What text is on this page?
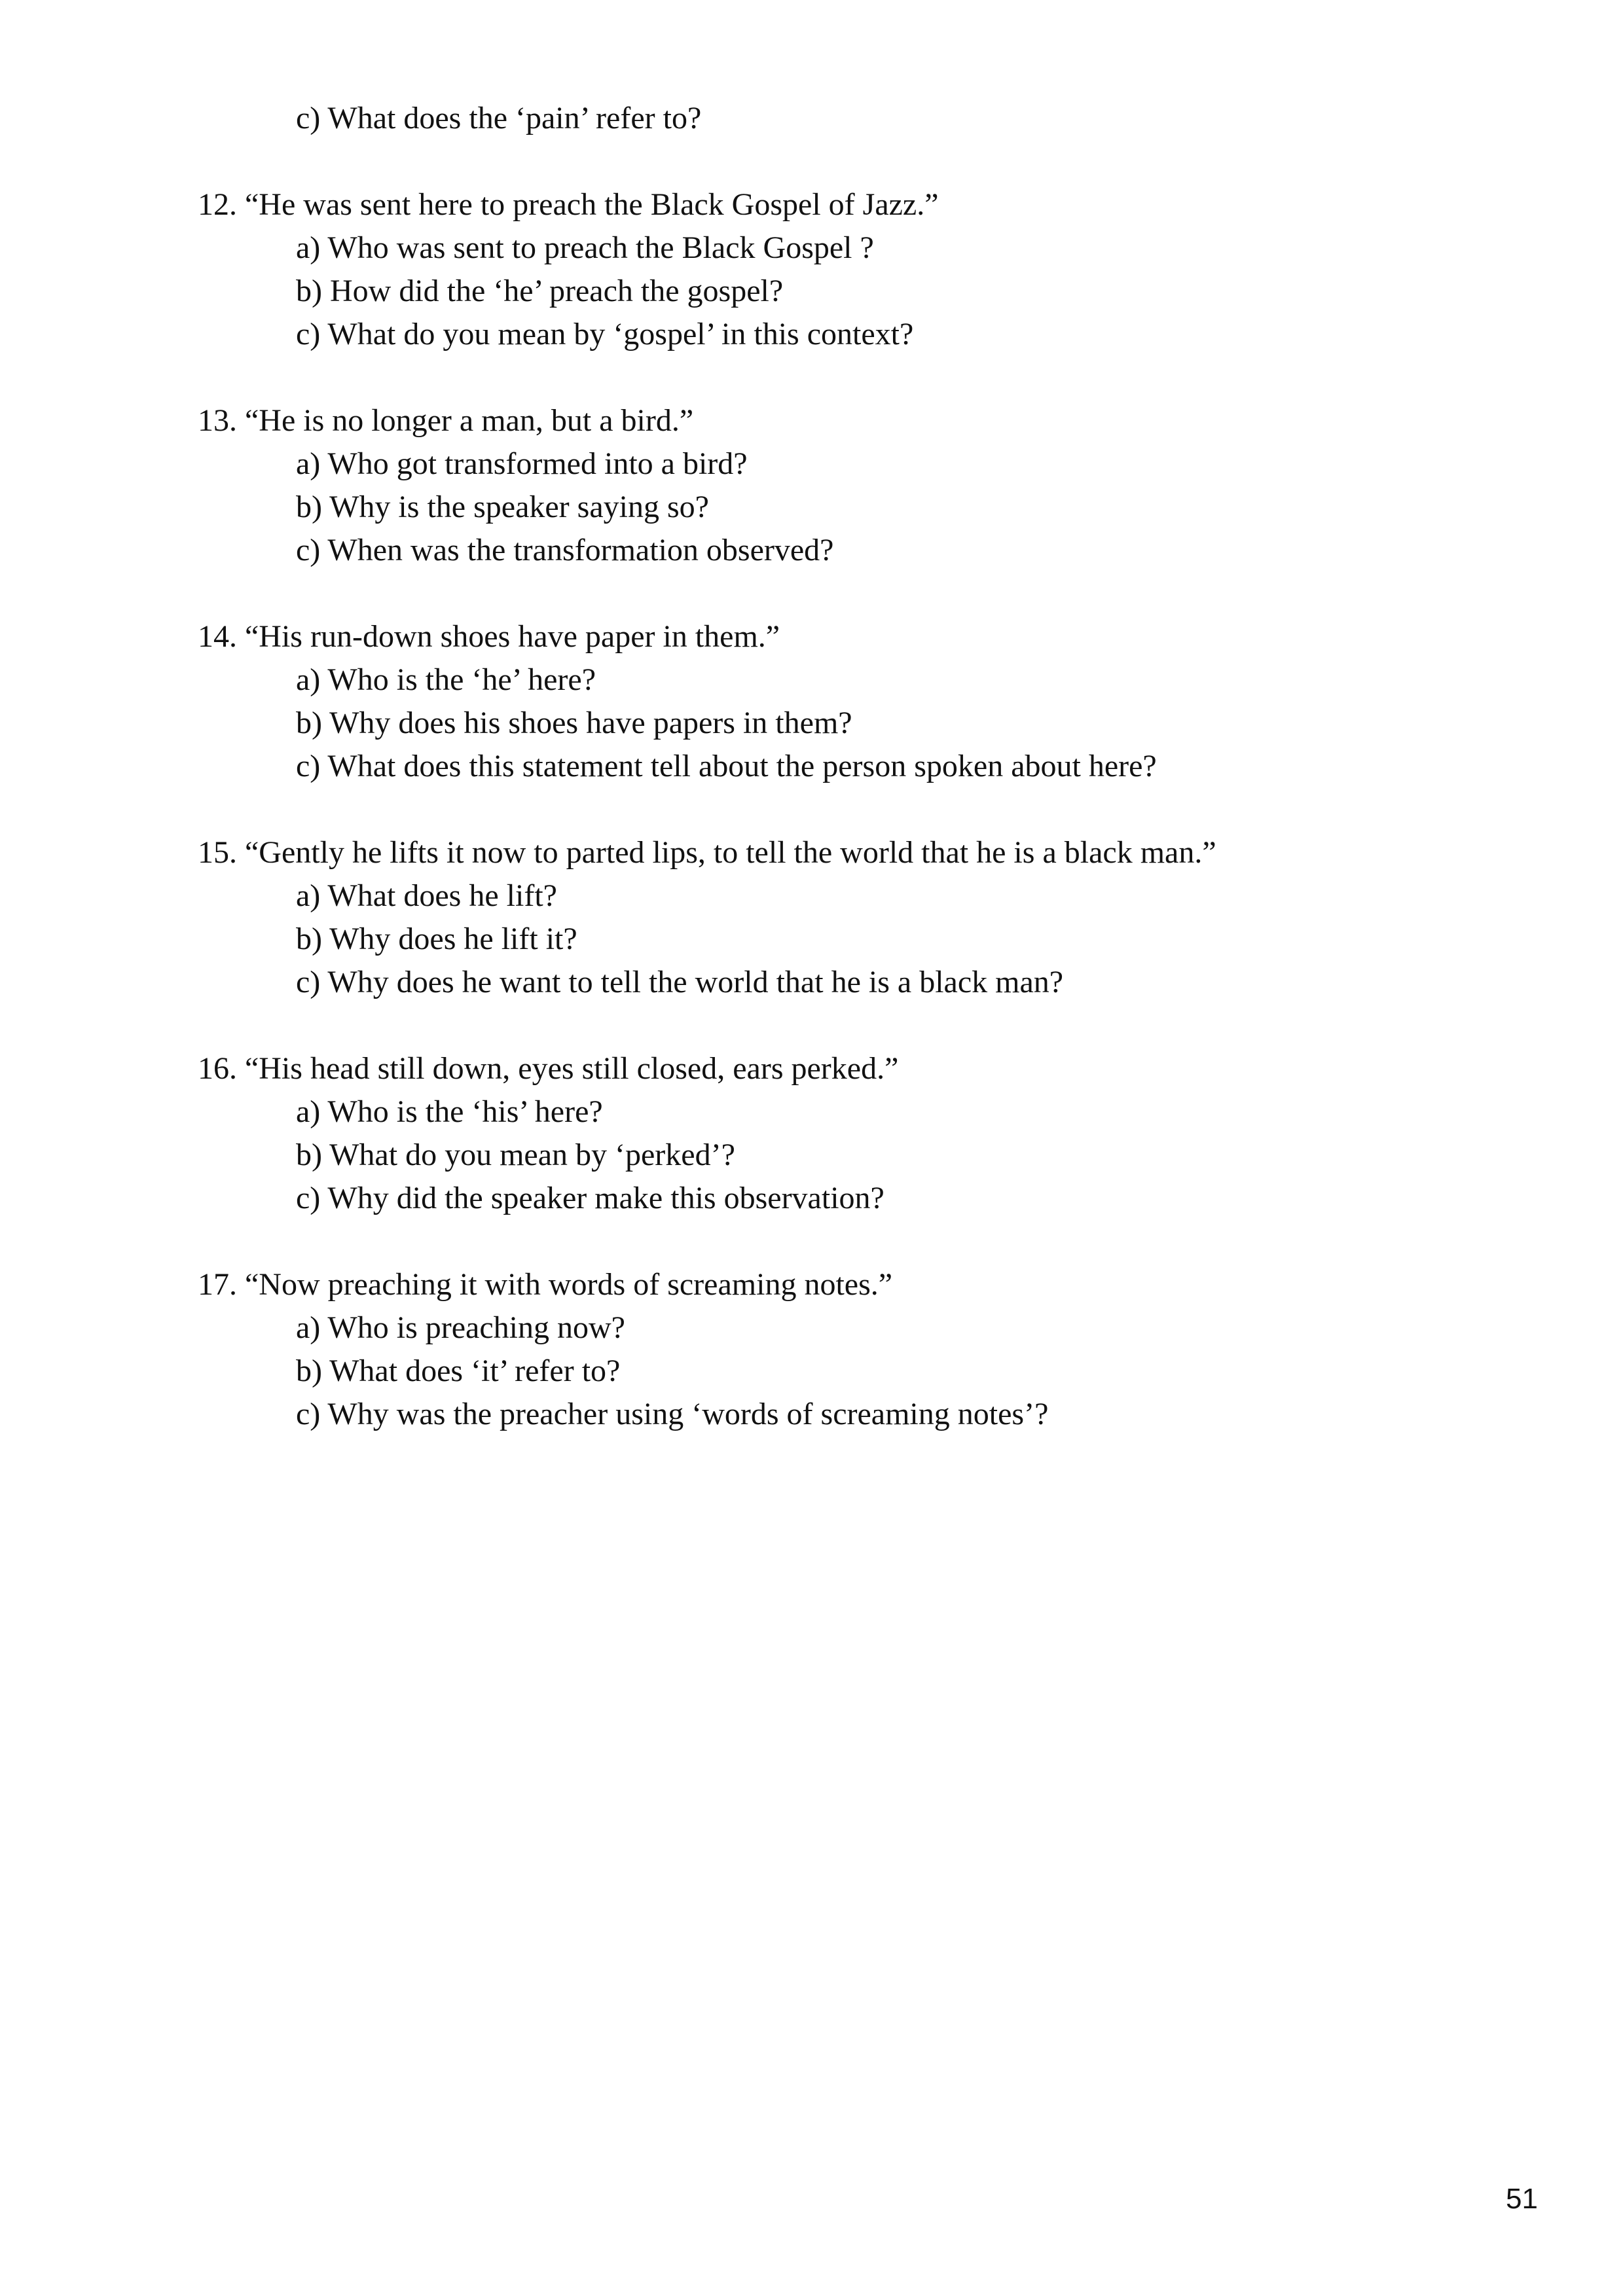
c) What does the ‘pain’ refer to?
12. “He was sent here to preach the Black Gospel of Jazz.”
a) Who was sent to preach the Black Gospel ?
b) How did the ‘he’ preach the gospel?
c) What do you mean by ‘gospel’ in this context?
13. “He is no longer a man, but a bird.”
a) Who got transformed into a bird?
b) Why is the speaker saying so?
c) When was the transformation observed?
14. “His run-down shoes have paper in them.”
a) Who is the ‘he’ here?
b) Why does his shoes have papers in them?
c) What does this statement tell about the person spoken about here?
15. “Gently he lifts it now to parted lips, to tell the world that he is a black man.”
a) What does he lift?
b) Why does he lift it?
c) Why does he want to tell the world that he is a black man?
16. “His head still down, eyes still closed, ears perked.”
a) Who is the ‘his’ here?
b) What do you mean by ‘perked’?
c) Why did the speaker make this observation?
17. “Now preaching it with words of screaming notes.”
a) Who is preaching now?
b) What does ‘it’ refer to?
c) Why was the preacher using ‘words of screaming notes’?
51
